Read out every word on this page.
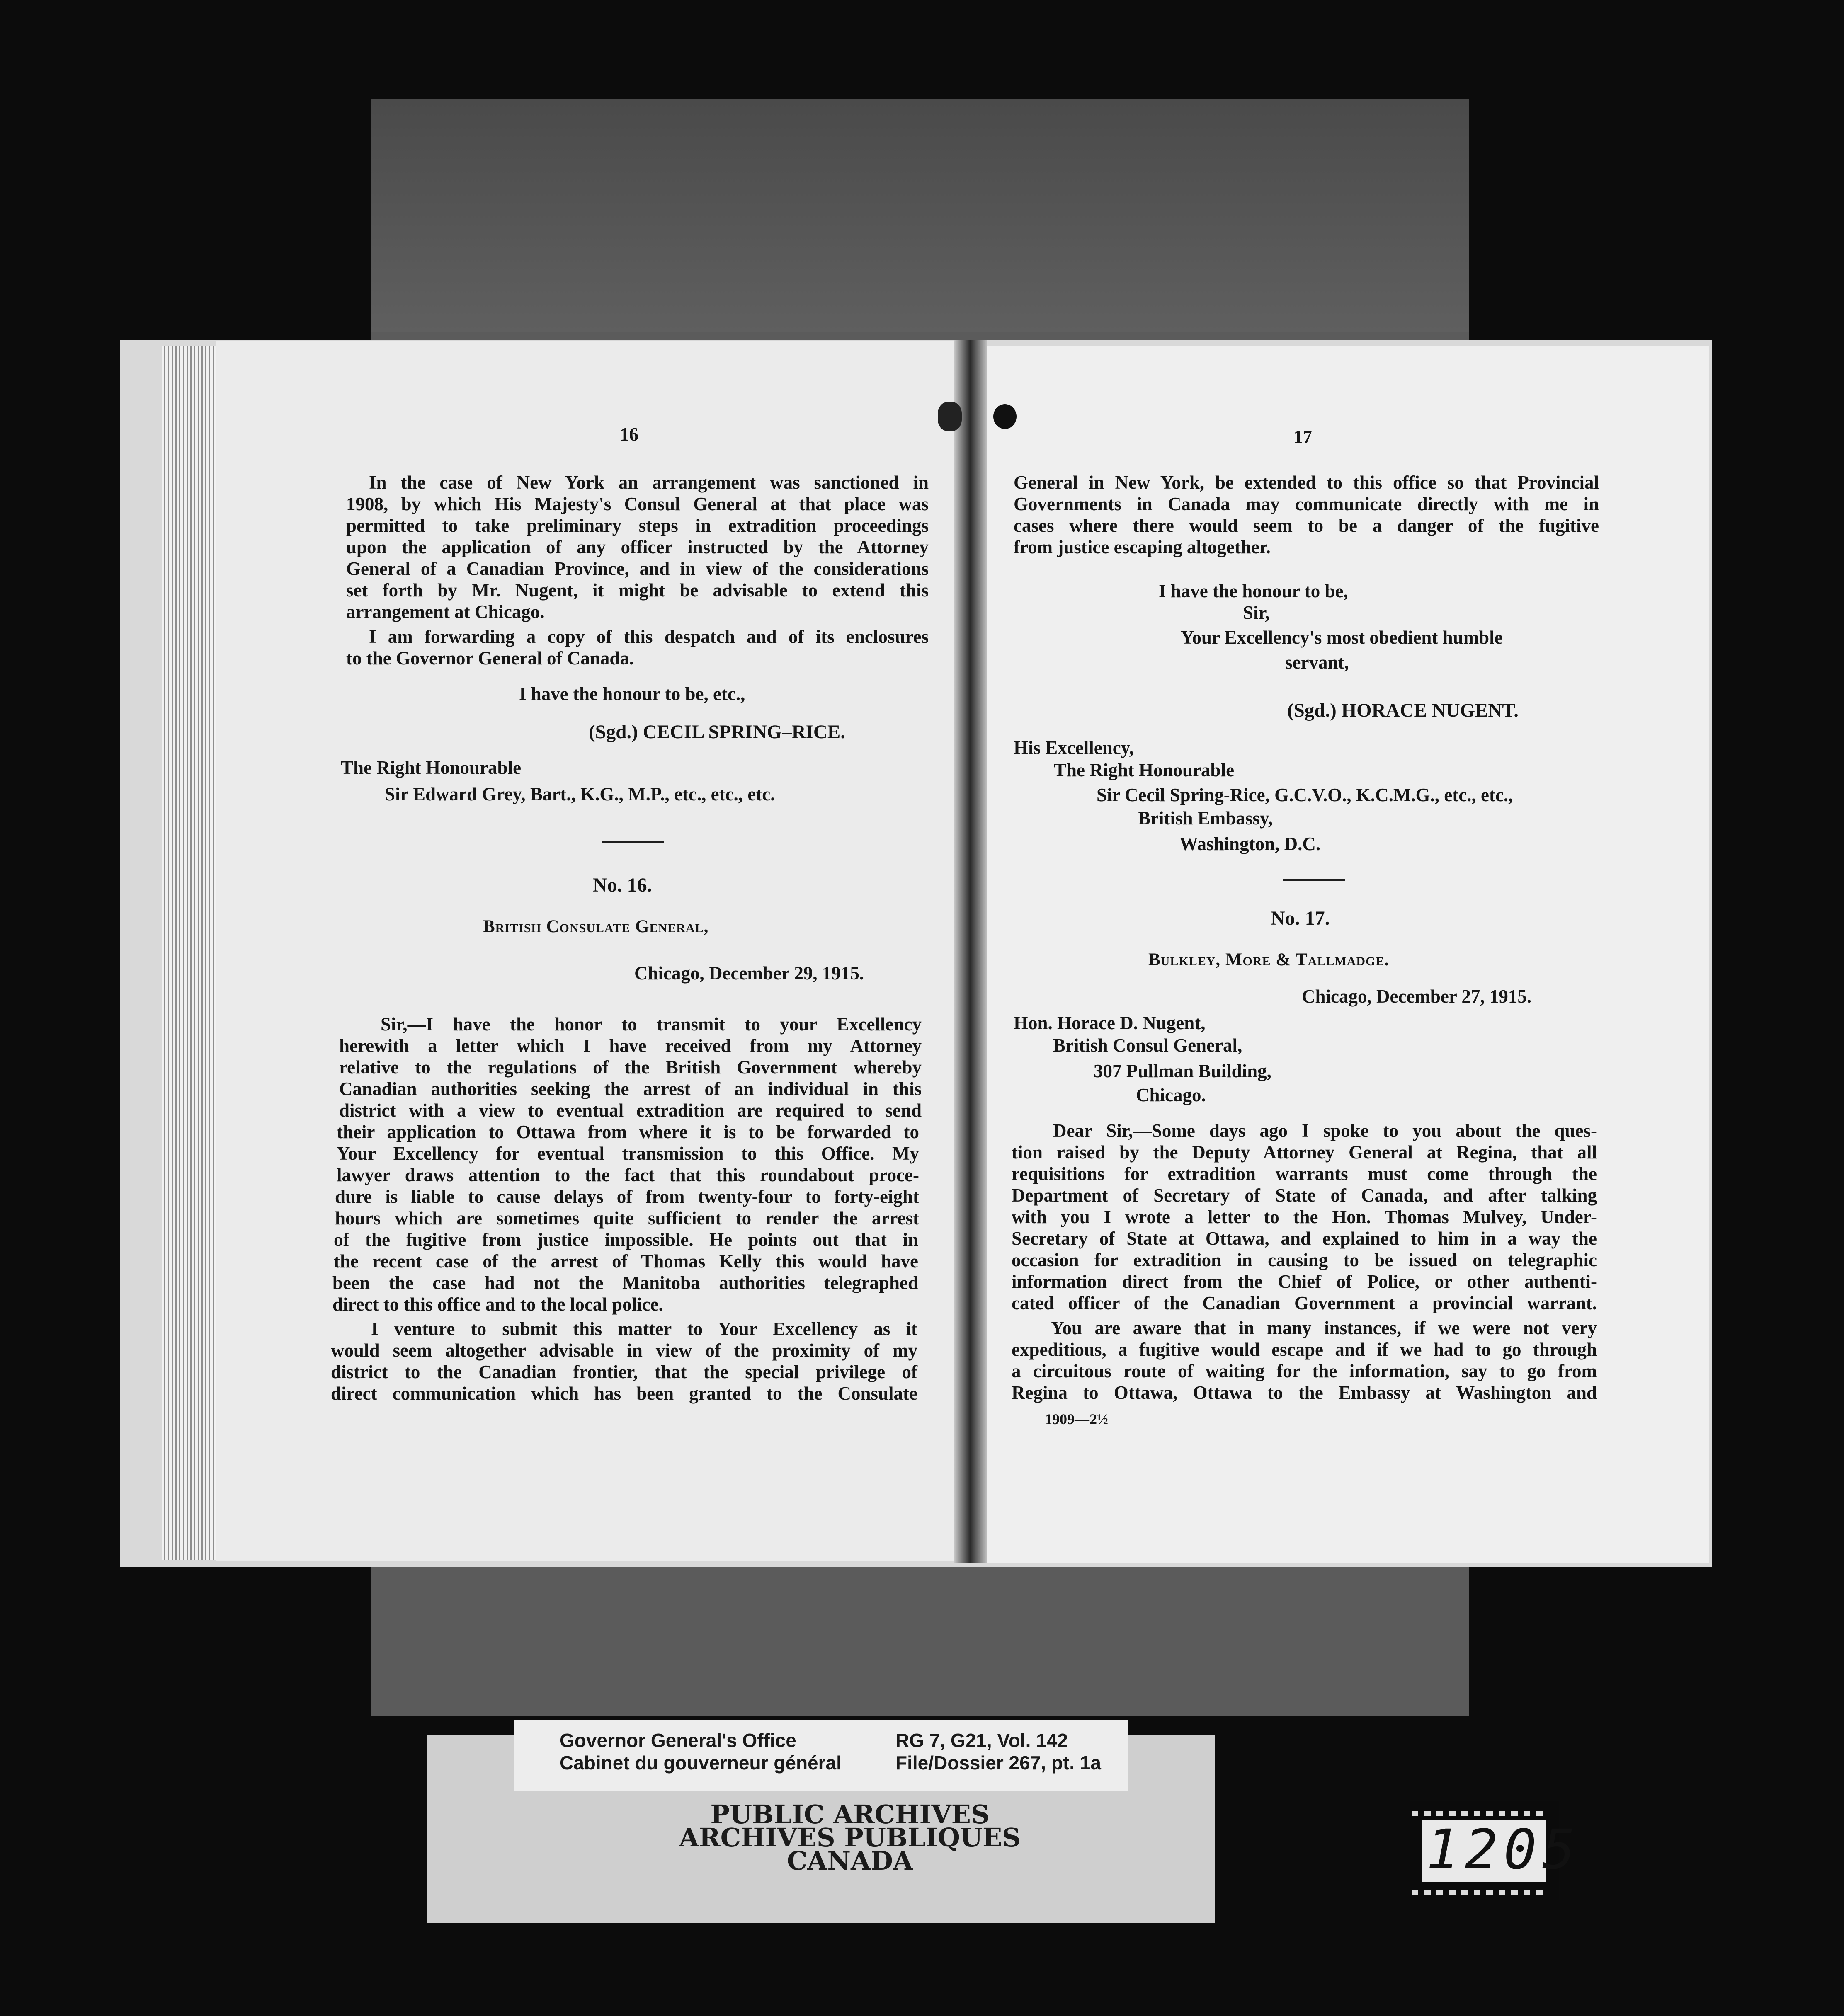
16
In the case of New York an arrangement was sanctioned in
1908, by which His Majesty's Consul General at that place was
permitted to take preliminary steps in extradition proceedings
upon the application of any officer instructed by the Attorney
General of a Canadian Province, and in view of the considerations
set forth by Mr. Nugent, it might be advisable to extend this
arrangement at Chicago.
I am forwarding a copy of this despatch and of its enclosures
to the Governor General of Canada.
I have the honour to be, etc.,
(Sgd.) CECIL SPRING–RICE.
The Right Honourable
Sir Edward Grey, Bart., K.G., M.P., etc., etc., etc.
No. 16.
British Consulate General,
Chicago, December 29, 1915.
Sir,—I have the honor to transmit to your Excellency
herewith a letter which I have received from my Attorney
relative to the regulations of the British Government whereby
Canadian authorities seeking the arrest of an individual in this
district with a view to eventual extradition are required to send
their application to Ottawa from where it is to be forwarded to
Your Excellency for eventual transmission to this Office. My
lawyer draws attention to the fact that this roundabout proce-
dure is liable to cause delays of from twenty-four to forty-eight
hours which are sometimes quite sufficient to render the arrest
of the fugitive from justice impossible. He points out that in
the recent case of the arrest of Thomas Kelly this would have
been the case had not the Manitoba authorities telegraphed
direct to this office and to the local police.
I venture to submit this matter to Your Excellency as it
would seem altogether advisable in view of the proximity of my
district to the Canadian frontier, that the special privilege of
direct communication which has been granted to the Consulate
17
General in New York, be extended to this office so that Provincial
Governments in Canada may communicate directly with me in
cases where there would seem to be a danger of the fugitive
from justice escaping altogether.
I have the honour to be,
Sir,
Your Excellency's most obedient humble
servant,
(Sgd.) HORACE NUGENT.
His Excellency,
The Right Honourable
Sir Cecil Spring-Rice, G.C.V.O., K.C.M.G., etc., etc.,
British Embassy,
Washington, D.C.
No. 17.
Bulkley, More & Tallmadge.
Chicago, December 27, 1915.
Hon. Horace D. Nugent,
British Consul General,
307 Pullman Building,
Chicago.
Dear Sir,—Some days ago I spoke to you about the ques-
tion raised by the Deputy Attorney General at Regina, that all
requisitions for extradition warrants must come through the
Department of Secretary of State of Canada, and after talking
with you I wrote a letter to the Hon. Thomas Mulvey, Under-
Secretary of State at Ottawa, and explained to him in a way the
occasion for extradition in causing to be issued on telegraphic
information direct from the Chief of Police, or other authenti-
cated officer of the Canadian Government a provincial warrant.
You are aware that in many instances, if we were not very
expeditious, a fugitive would escape and if we had to go through
a circuitous route of waiting for the information, say to go from
Regina to Ottawa, Ottawa to the Embassy at Washington and
1909—2½
Governor General's Office
Cabinet du gouverneur général
RG 7, G21, Vol. 142
File/Dossier 267, pt. 1a
PUBLIC ARCHIVES
ARCHIVES PUBLIQUES
CANADA	1205
